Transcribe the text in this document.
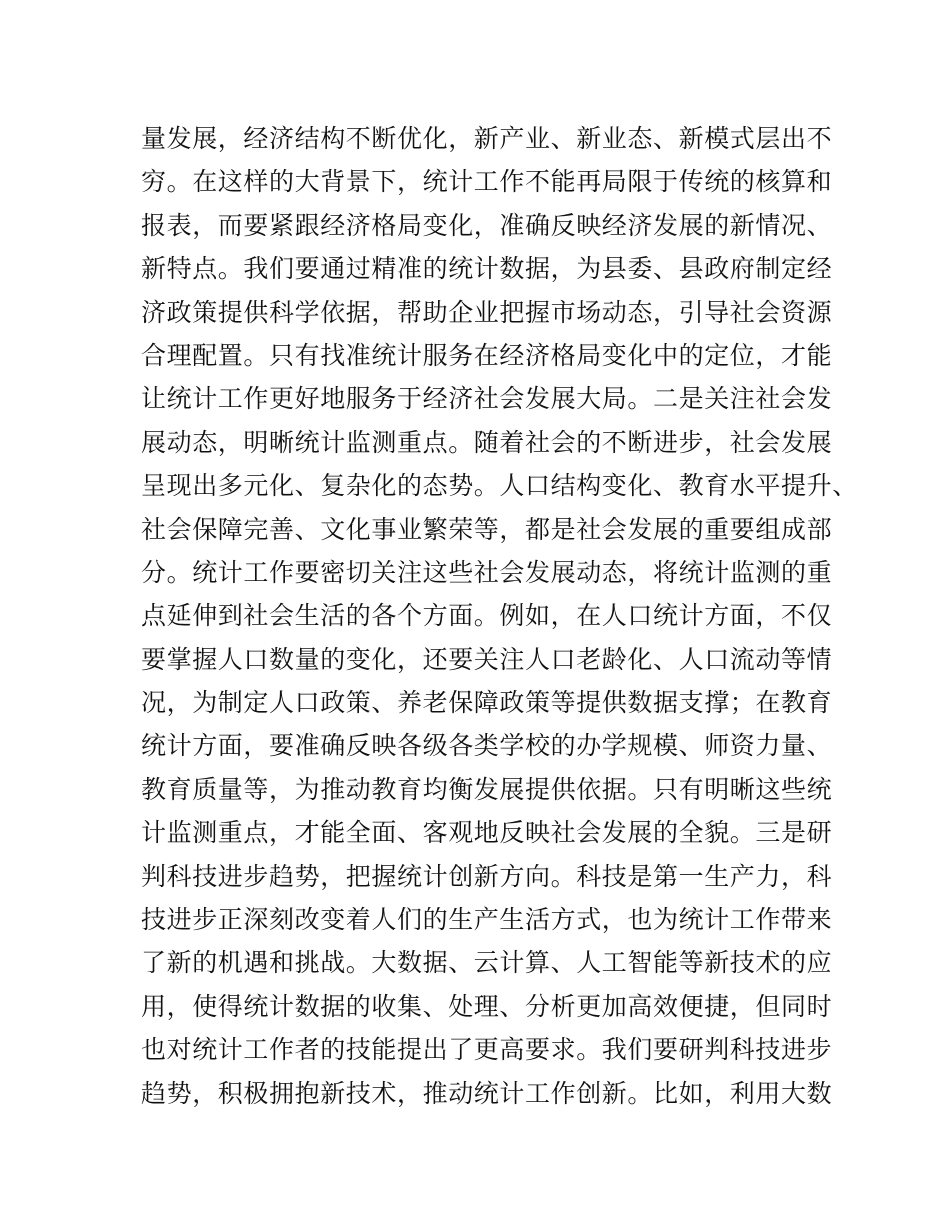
量发展，经济结构不断优化，新产业、新业态、新模式层出不
穷。在这样的大背景下，统计工作不能再局限于传统的核算和
报表，而要紧跟经济格局变化，准确反映经济发展的新情况、
新特点。我们要通过精准的统计数据，为县委、县政府制定经
济政策提供科学依据，帮助企业把握市场动态，引导社会资源
合理配置。只有找准统计服务在经济格局变化中的定位，才能
让统计工作更好地服务于经济社会发展大局。二是关注社会发
展动态，明晰统计监测重点。随着社会的不断进步，社会发展
呈现出多元化、复杂化的态势。人口结构变化、教育水平提升、
社会保障完善、文化事业繁荣等，都是社会发展的重要组成部
分。统计工作要密切关注这些社会发展动态，将统计监测的重
点延伸到社会生活的各个方面。例如，在人口统计方面，不仅
要掌握人口数量的变化，还要关注人口老龄化、人口流动等情
况，为制定人口政策、养老保障政策等提供数据支撑；在教育
统计方面，要准确反映各级各类学校的办学规模、师资力量、
教育质量等，为推动教育均衡发展提供依据。只有明晰这些统
计监测重点，才能全面、客观地反映社会发展的全貌。三是研
判科技进步趋势，把握统计创新方向。科技是第一生产力，科
技进步正深刻改变着人们的生产生活方式，也为统计工作带来
了新的机遇和挑战。大数据、云计算、人工智能等新技术的应
用，使得统计数据的收集、处理、分析更加高效便捷，但同时
也对统计工作者的技能提出了更高要求。我们要研判科技进步
趋势，积极拥抱新技术，推动统计工作创新。比如，利用大数
